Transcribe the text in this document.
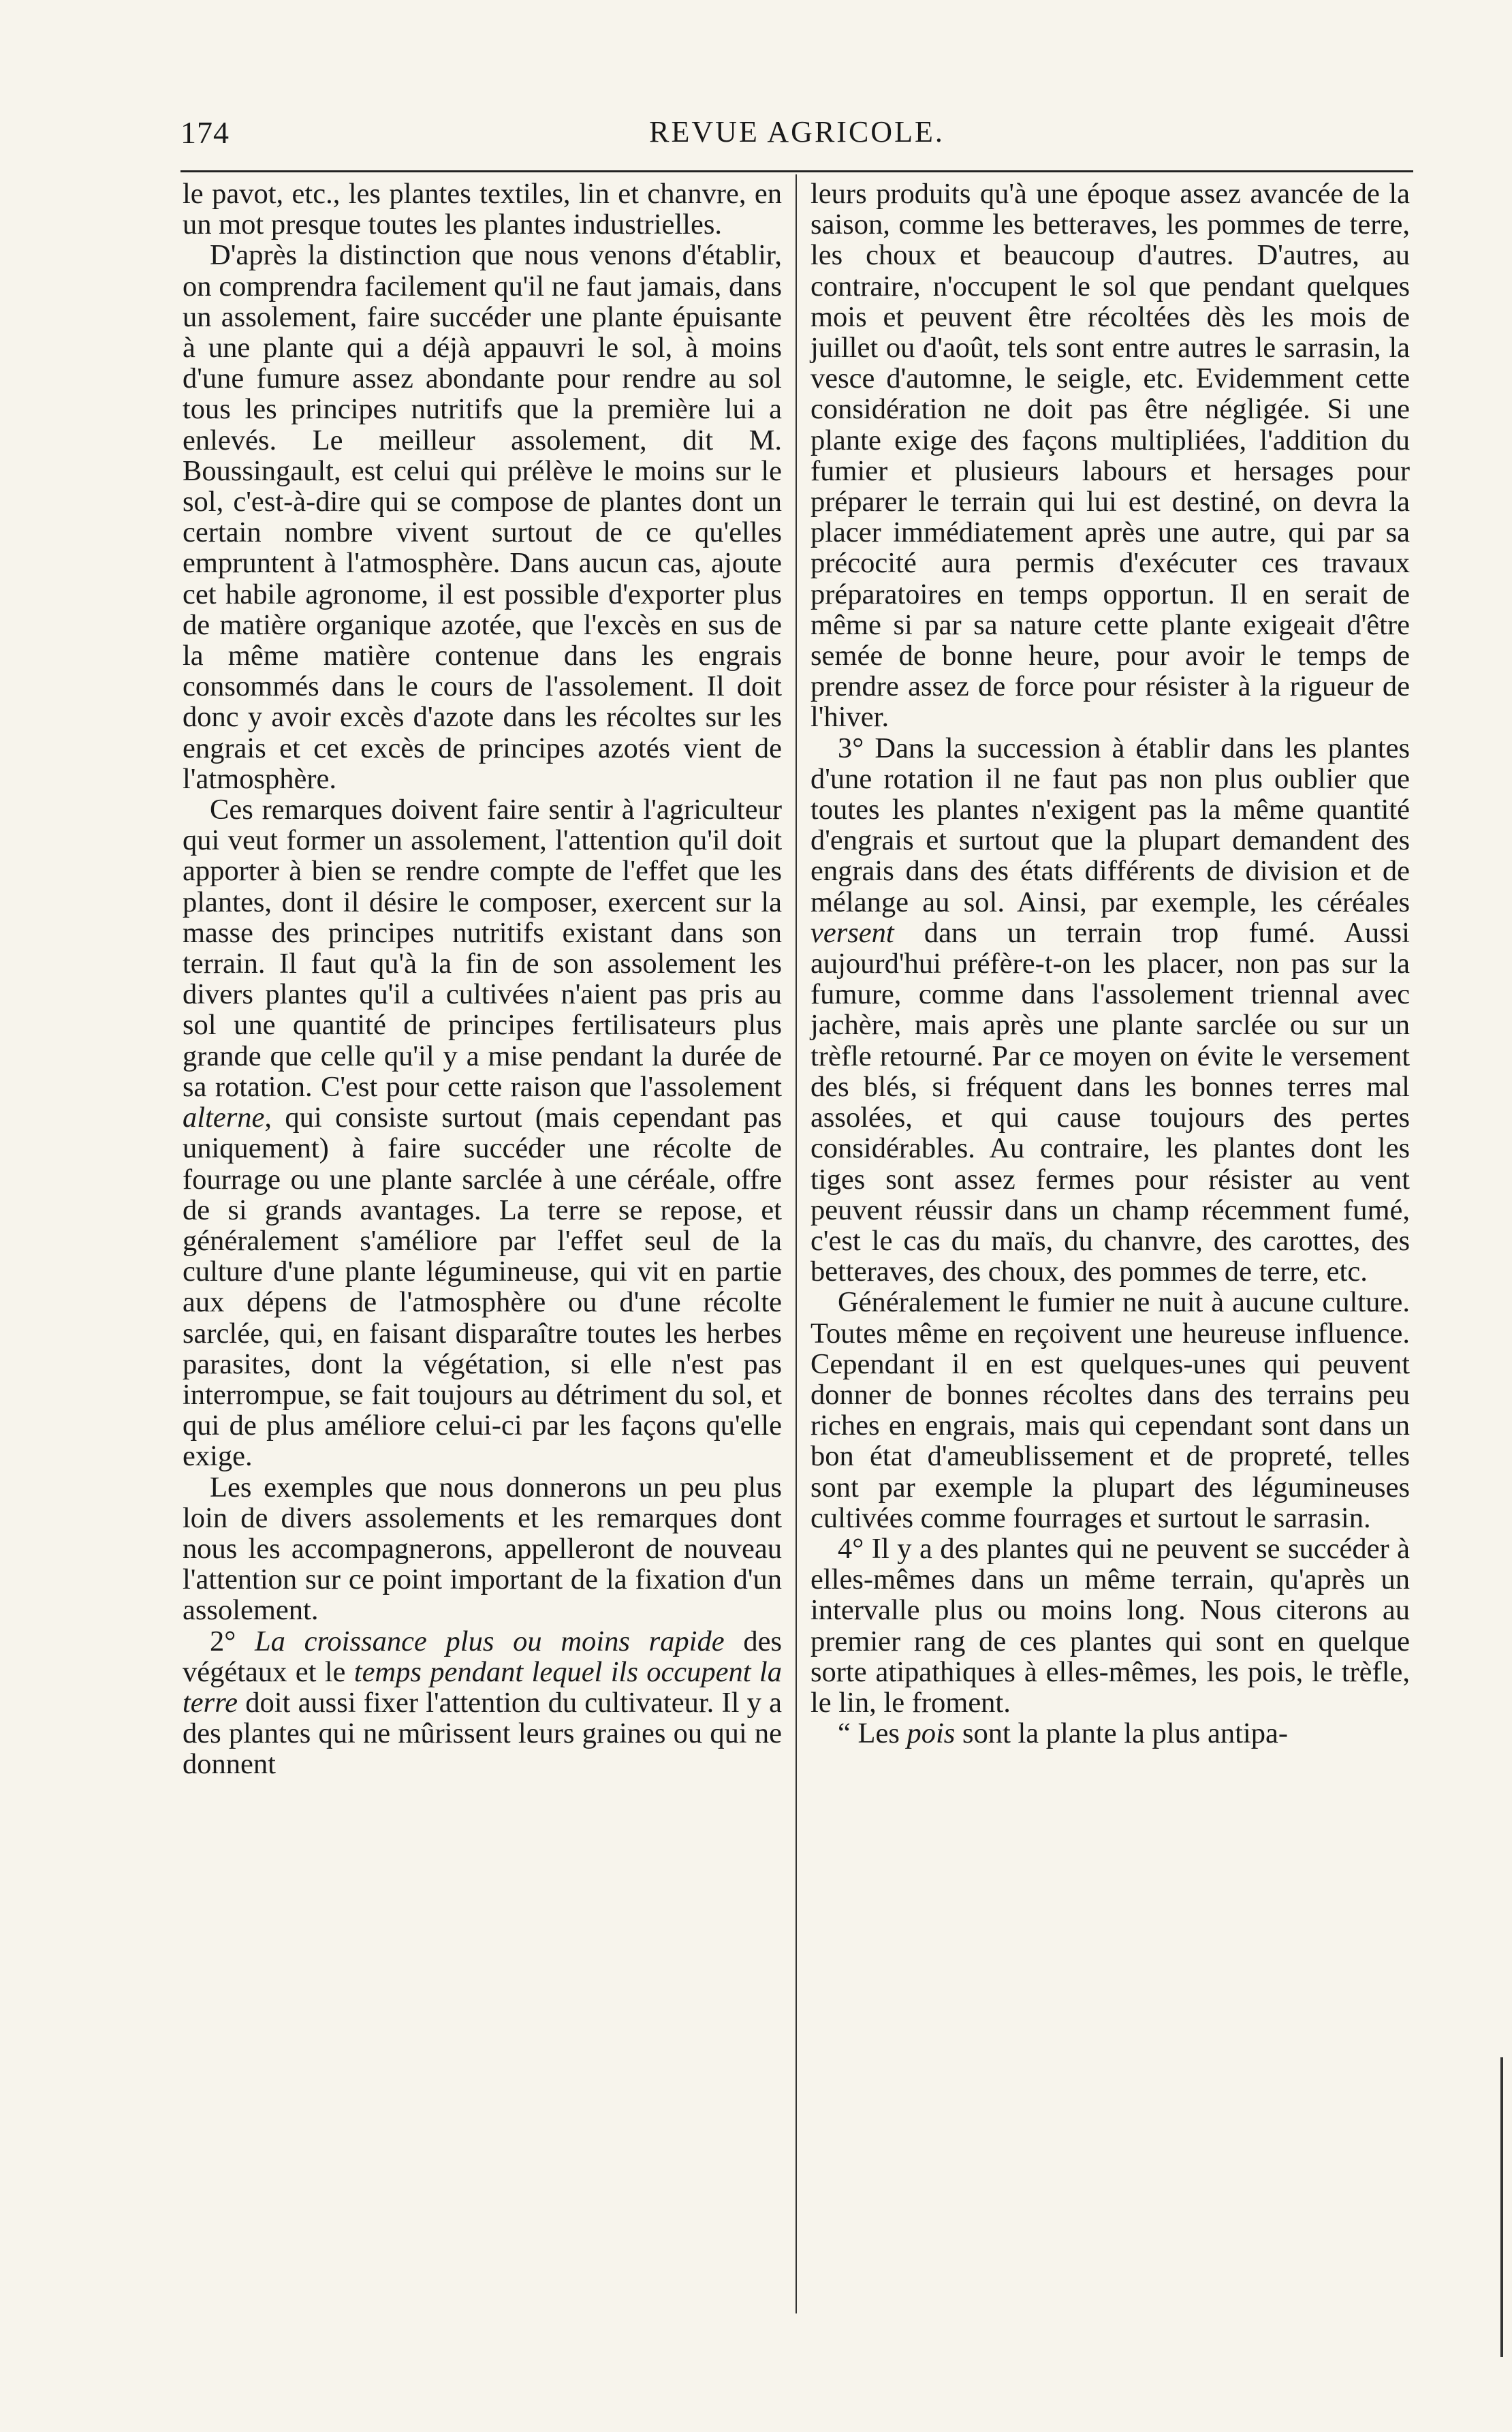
174	REVUE AGRICOLE.

le pavot, etc., les plantes textiles, lin et chanvre, en un mot presque toutes les plantes industrielles.

D'après la distinction que nous venons d'établir, on comprendra facilement qu'il ne faut jamais, dans un assolement, faire succéder une plante épuisante à une plante qui a déjà appauvri le sol, à moins d'une fumure assez abondante pour rendre au sol tous les principes nutritifs que la première lui a enlevés. Le meilleur assolement, dit M. Boussingault, est celui qui prélève le moins sur le sol, c'est-à-dire qui se compose de plantes dont un certain nombre vivent surtout de ce qu'elles empruntent à l'atmosphère. Dans aucun cas, ajoute cet habile agronome, il est possible d'exporter plus de matière organique azotée, que l'excès en sus de la même matière contenue dans les engrais consommés dans le cours de l'assolement. Il doit donc y avoir excès d'azote dans les récoltes sur les engrais et cet excès de principes azotés vient de l'atmosphère.

Ces remarques doivent faire sentir à l'agriculteur qui veut former un assolement, l'attention qu'il doit apporter à bien se rendre compte de l'effet que les plantes, dont il désire le composer, exercent sur la masse des principes nutritifs existant dans son terrain. Il faut qu'à la fin de son assolement les divers plantes qu'il a cultivées n'aient pas pris au sol une quantité de principes fertilisateurs plus grande que celle qu'il y a mise pendant la durée de sa rotation. C'est pour cette raison que l'assolement alterne, qui consiste surtout (mais cependant pas uniquement) à faire succéder une récolte de fourrage ou une plante sarclée à une céréale, offre de si grands avantages. La terre se repose, et généralement s'améliore par l'effet seul de la culture d'une plante légumineuse, qui vit en partie aux dépens de l'atmosphère ou d'une récolte sarclée, qui, en faisant disparaître toutes les herbes parasites, dont la végétation, si elle n'est pas interrompue, se fait toujours au détriment du sol, et qui de plus améliore celui-ci par les façons qu'elle exige.

Les exemples que nous donnerons un peu plus loin de divers assolements et les remarques dont nous les accompagnerons, appelleront de nouveau l'attention sur ce point important de la fixation d'un assolement.

2° La croissance plus ou moins rapide des végétaux et le temps pendant lequel ils occupent la terre doit aussi fixer l'attention du cultivateur. Il y a des plantes qui ne mûrissent leurs graines ou qui ne donnent

leurs produits qu'à une époque assez avancée de la saison, comme les betteraves, les pommes de terre, les choux et beaucoup d'autres. D'autres, au contraire, n'occupent le sol que pendant quelques mois et peuvent être récoltées dès les mois de juillet ou d'août, tels sont entre autres le sarrasin, la vesce d'automne, le seigle, etc. Evidemment cette considération ne doit pas être négligée. Si une plante exige des façons multipliées, l'addition du fumier et plusieurs labours et hersages pour préparer le terrain qui lui est destiné, on devra la placer immédiatement après une autre, qui par sa précocité aura permis d'exécuter ces travaux préparatoires en temps opportun. Il en serait de même si par sa nature cette plante exigeait d'être semée de bonne heure, pour avoir le temps de prendre assez de force pour résister à la rigueur de l'hiver.

3° Dans la succession à établir dans les plantes d'une rotation il ne faut pas non plus oublier que toutes les plantes n'exigent pas la même quantité d'engrais et surtout que la plupart demandent des engrais dans des états différents de division et de mélange au sol. Ainsi, par exemple, les céréales versent dans un terrain trop fumé. Aussi aujourd'hui préfère-t-on les placer, non pas sur la fumure, comme dans l'assolement triennal avec jachère, mais après une plante sarclée ou sur un trèfle retourné. Par ce moyen on évite le versement des blés, si fréquent dans les bonnes terres mal assolées, et qui cause toujours des pertes considérables. Au contraire, les plantes dont les tiges sont assez fermes pour résister au vent peuvent réussir dans un champ récemment fumé, c'est le cas du maïs, du chanvre, des carottes, des betteraves, des choux, des pommes de terre, etc.

Généralement le fumier ne nuit à aucune culture. Toutes même en reçoivent une heureuse influence. Cependant il en est quelques-unes qui peuvent donner de bonnes récoltes dans des terrains peu riches en engrais, mais qui cependant sont dans un bon état d'ameublissement et de propreté, telles sont par exemple la plupart des légumineuses cultivées comme fourrages et surtout le sarrasin.

4° Il y a des plantes qui ne peuvent se succéder à elles-mêmes dans un même terrain, qu'après un intervalle plus ou moins long. Nous citerons au premier rang de ces plantes qui sont en quelque sorte atipathiques à elles-mêmes, les pois, le trèfle, le lin, le froment.

“ Les pois sont la plante la plus antipa-
